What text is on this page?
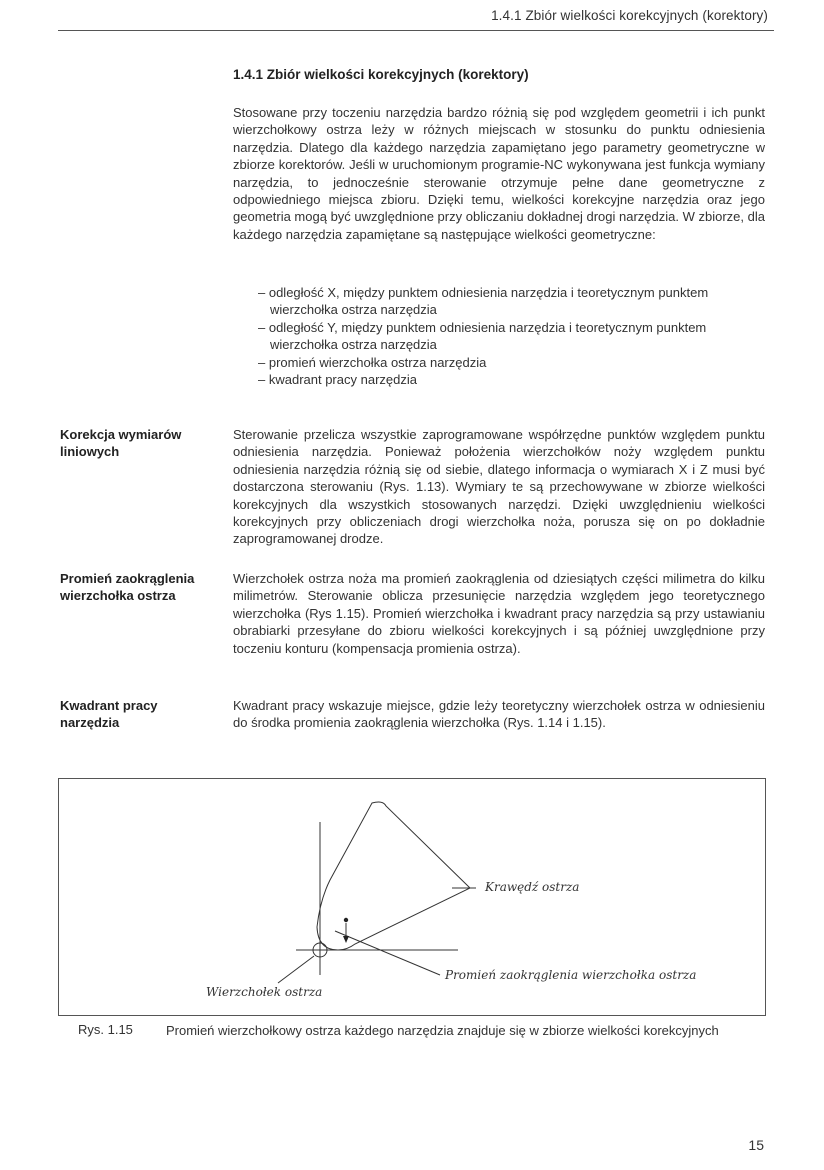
1.4.1 Zbiór wielkości korekcyjnych (korektory)
1.4.1 Zbiór wielkości korekcyjnych (korektory)
Stosowane przy toczeniu narzędzia bardzo różnią się pod względem geometrii i ich punkt wierzchołkowy ostrza leży w różnych miejscach w stosunku do punktu odniesienia narzędzia. Dlatego dla każdego narzędzia zapamiętano jego parametry geometryczne w zbiorze korektorów. Jeśli w uruchomionym programie-NC wykonywana jest funkcja wymiany narzędzia, to jednocześnie sterowanie otrzymuje pełne dane geometryczne z odpowiedniego miejsca zbioru. Dzięki temu, wielkości korekcyjne narzędzia oraz jego geometria mogą być uwzględnione przy obliczaniu dokładnej drogi narzędzia. W zbiorze, dla każdego narzędzia zapamiętane są następujące wielkości geometryczne:
– odległość X, między punktem odniesienia narzędzia i teoretycznym punktem wierzchołka ostrza narzędzia
– odległość Y, między punktem odniesienia narzędzia i teoretycznym punktem wierzchołka ostrza narzędzia
– promień wierzchołka ostrza narzędzia
– kwadrant pracy narzędzia
Korekcja wymiarów liniowych
Sterowanie przelicza wszystkie zaprogramowane współrzędne punktów względem punktu odniesienia narzędzia. Ponieważ położenia wierzchołków noży względem punktu odniesienia narzędzia różnią się od siebie, dlatego informacja o wymiarach X i Z musi być dostarczona sterowaniu (Rys. 1.13). Wymiary te są przechowywane w zbiorze wielkości korekcyjnych dla wszystkich stosowanych narzędzi. Dzięki uwzględnieniu wielkości korekcyjnych przy obliczeniach drogi wierzchołka noża, porusza się on po dokładnie zaprogramowanej drodze.
Promień zaokrąglenia wierzchołka ostrza
Wierzchołek ostrza noża ma promień zaokrąglenia od dziesiątych części milimetra do kilku milimetrów. Sterowanie oblicza przesunięcie narzędzia względem jego teoretycznego wierzchołka (Rys 1.15). Promień wierzchołka i kwadrant pracy narzędzia są przy ustawianiu obrabiarki przesyłane do zbioru wielkości korekcyjnych i są później uwzględnione przy toczeniu konturu (kompensacja promienia ostrza).
Kwadrant pracy narzędzia
Kwadrant pracy wskazuje miejsce, gdzie leży teoretyczny wierzchołek ostrza w odniesieniu do środka promienia zaokrąglenia wierzchołka (Rys. 1.14 i 1.15).
Krawędź ostrza
Promień zaokrąglenia wierzchołka ostrza
Wierzchołek ostrza
Rys. 1.15	Promień wierzchołkowy ostrza każdego narzędzia znajduje się w zbiorze wielkości korekcyjnych
15
